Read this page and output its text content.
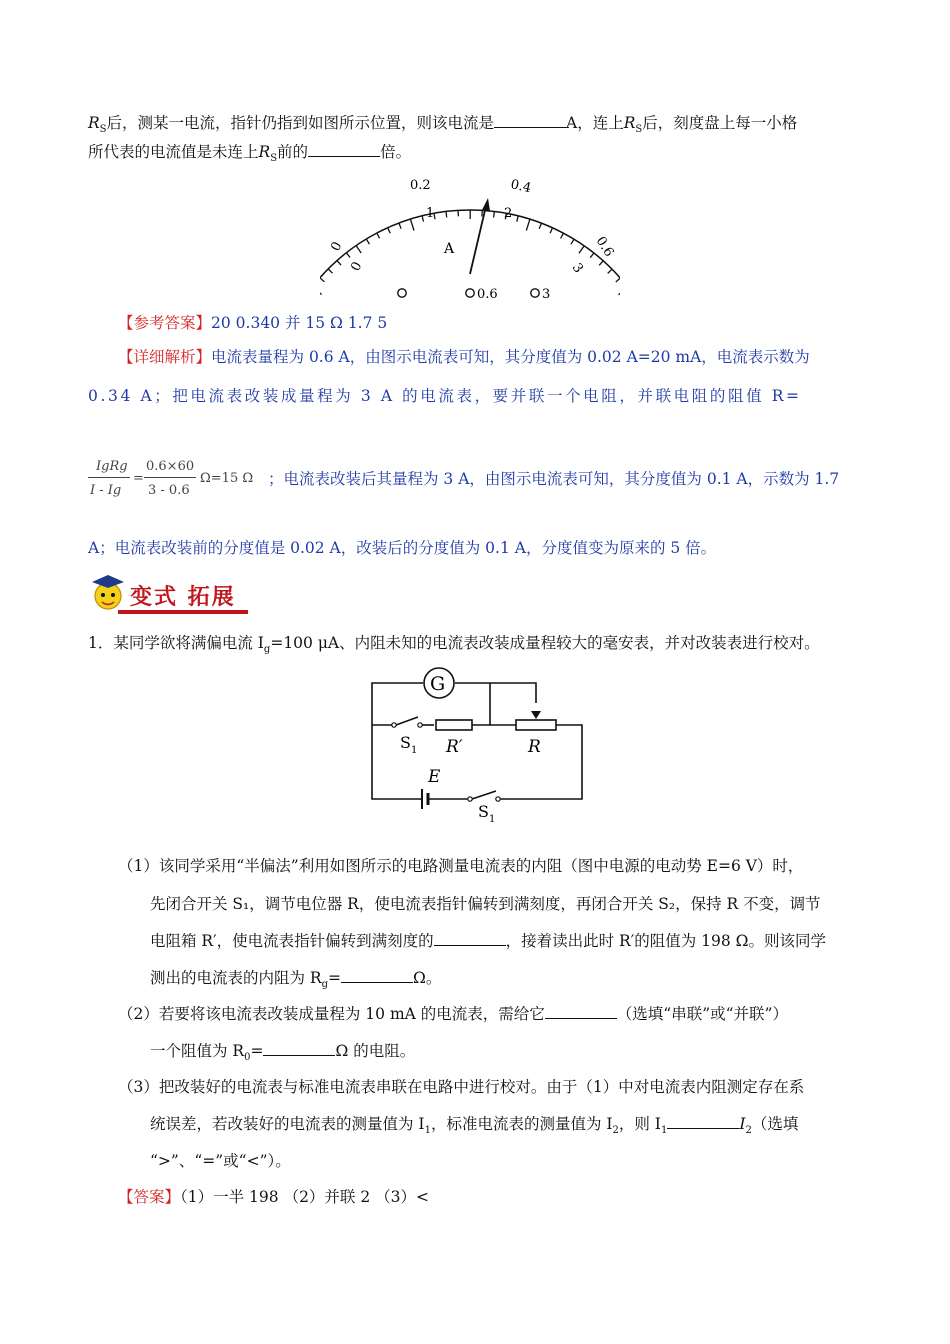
$R_S$后，测某一电流，指针仍指到如图所示位置，则该电流是	A，连上$R_S$后，刻度盘上每一小格
所代表的电流值是未连上$R_S$前的	倍。
0
0.2	0.4
0.6
0
1	2
3
A
0.6	3
【参考答案】20 0.340 并 15 Ω 1.7 5
【详细解析】电流表量程为 0.6 A，由图示电流表可知，其分度值为 0.02 A=20 mA，电流表示数为
0.34 A；把电流表改装成量程为 3 A 的电流表，要并联一个电阻，并联电阻的阻值 R=
IgRg
I - Ig
=
0.6×60
3 - 0.6
Ω=15 Ω ；电流表改装后其量程为 3 A，由图示电流表可知，其分度值为 0.1 A，示数为 1.7
A；电流表改装前的分度值是 0.02 A，改装后的分度值为 0.1 A，分度值变为原来的 5 倍。
变式 拓展
1．某同学欲将满偏电流 $I_g=100$ μA、内阻未知的电流表改装成量程较大的毫安表，并对改装表进行校对。
G
$S_1$ R′	R
E
$S_1$
（1）该同学采用“半偏法”利用如图所示的电路测量电流表的内阻（图中电源的电动势 E=6 V）时，
先闭合开关 S₁，调节电位器 R，使电流表指针偏转到满刻度，再闭合开关 S₂，保持 R 不变，调节
电阻箱 R′，使电流表指针偏转到满刻度的	，接着读出此时 R′的阻值为 198 Ω。则该同学
测出的电流表的内阻为 $R_g=$	Ω。
（2）若要将该电流表改装成量程为 10 mA 的电流表，需给它	（选填“串联”或“并联”）
一个阻值为 $R_0=$	Ω 的电阻。
（3）把改装好的电流表与标准电流表串联在电路中进行校对。由于（1）中对电流表内阻测定存在系
统误差，若改装好的电流表的测量值为 $I_1$，标准电流表的测量值为 $I_2$，则 $I_1$	$I_2$（选填
“>”、“=”或“<”）。
【答案】（1）一半 198 （2）并联 2 （3）<
